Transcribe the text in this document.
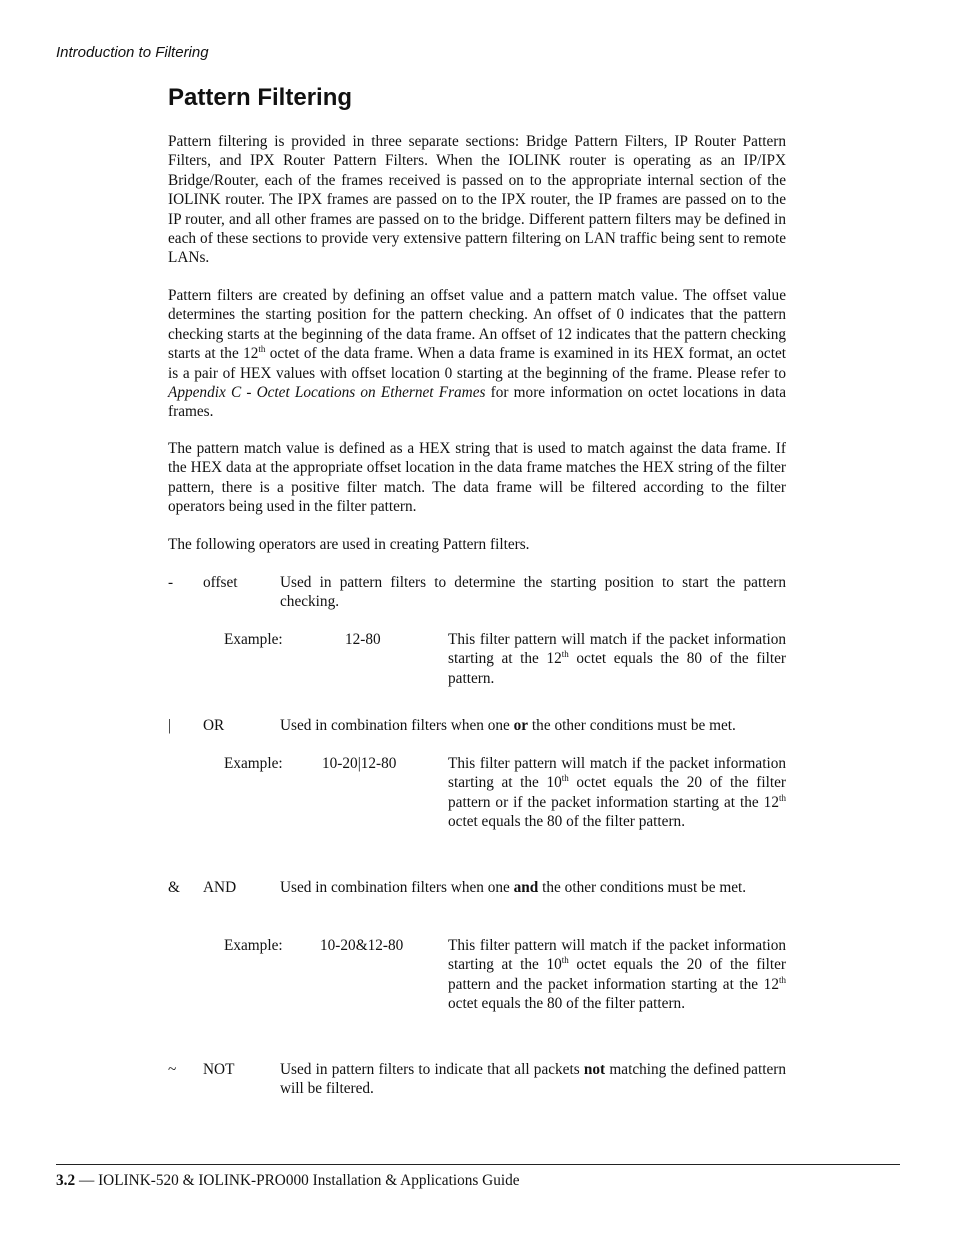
Introduction to Filtering
Pattern Filtering

Pattern filtering is provided in three separate sections: Bridge Pattern Filters, IP Router Pattern Filters, and IPX Router Pattern Filters. When the IOLINK router is operating as an IP/IPX Bridge/Router, each of the frames received is passed on to the appropriate internal section of the IOLINK router. The IPX frames are passed on to the IPX router, the IP frames are passed on to the IP router, and all other frames are passed on to the bridge. Different pattern filters may be defined in each of these sections to provide very extensive pattern filtering on LAN traffic being sent to remote LANs.

Pattern filters are created by defining an offset value and a pattern match value. The offset value determines the starting position for the pattern checking. An offset of 0 indicates that the pattern checking starts at the beginning of the data frame. An offset of 12 indicates that the pattern checking starts at the 12th octet of the data frame. When a data frame is examined in its HEX format, an octet is a pair of HEX values with offset location 0 starting at the beginning of the frame. Please refer to Appendix C - Octet Locations on Ethernet Frames for more information on octet locations in data frames.

The pattern match value is defined as a HEX string that is used to match against the data frame. If the HEX data at the appropriate offset location in the data frame matches the HEX string of the filter pattern, there is a positive filter match. The data frame will be filtered according to the filter operators being used in the filter pattern.

The following operators are used in creating Pattern filters.

- offset	Used in pattern filters to determine the starting position to start the pattern checking.

Example:	12-80	This filter pattern will match if the packet information starting at the 12th octet equals the 80 of the filter pattern.

| OR	Used in combination filters when one or the other conditions must be met.

Example:	10-20|12-80	This filter pattern will match if the packet information starting at the 10th octet equals the 20 of the filter pattern or if the packet information starting at the 12th octet equals the 80 of the filter pattern.

& AND	Used in combination filters when one and the other conditions must be met.

Example: 10-20&12-80	This filter pattern will match if the packet information starting at the 10th octet equals the 20 of the filter pattern and the packet information starting at the 12th octet equals the 80 of the filter pattern.

~ NOT	Used in pattern filters to indicate that all packets not matching the defined pattern will be filtered.

3.2 — IOLINK-520 & IOLINK-PRO000 Installation & Applications Guide
